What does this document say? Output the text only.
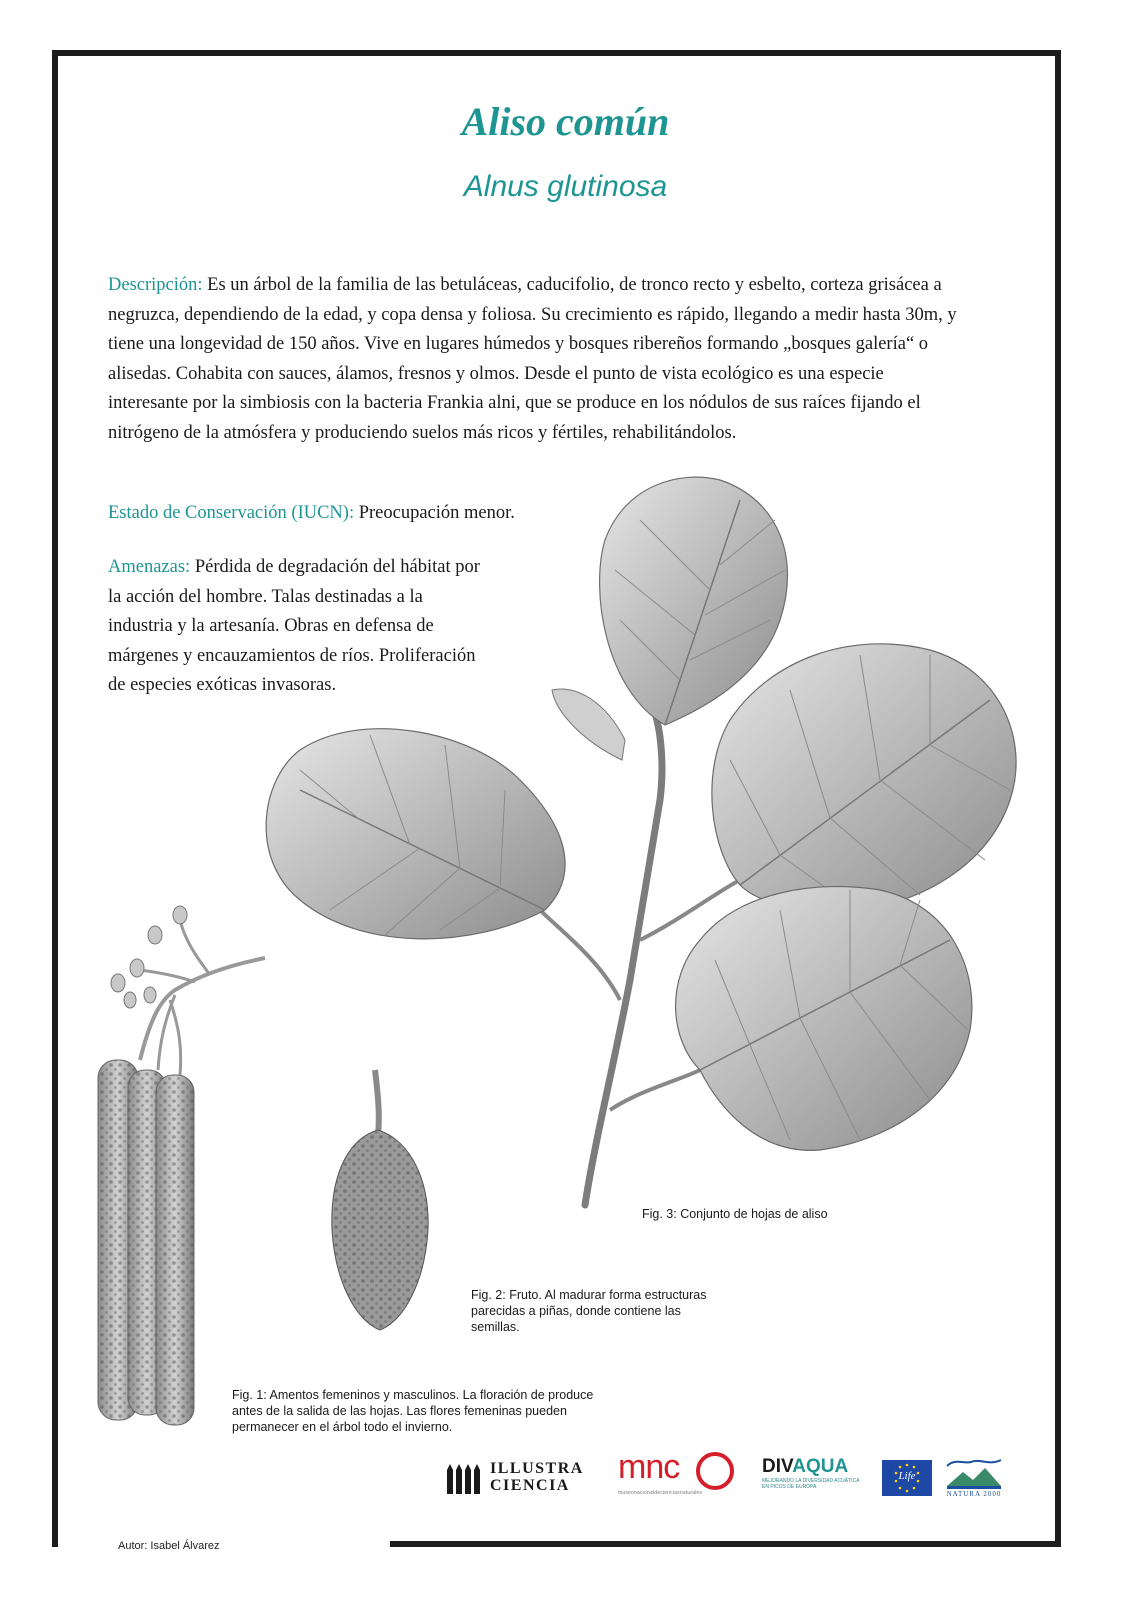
Aliso común
Alnus glutinosa

Descripción: Es un árbol de la familia de las betuláceas, caducifolio, de tronco recto y esbelto, corteza grisácea a negruzca, dependiendo de la edad, y copa densa y foliosa. Su crecimiento es rápido, llegando a medir hasta 30m, y tiene una longevidad de 150 años. Vive en lugares húmedos y bosques ribereños formando „bosques galería“ o alisedas. Cohabita con sauces, álamos, fresnos y olmos. Desde el punto de vista ecológico es una especie interesante por la simbiosis con la bacteria Frankia alni, que se produce en los nódulos de sus raíces fijando el nitrógeno de la atmósfera y produciendo suelos más ricos y fértiles, rehabilitándolos.

Estado de Conservación (IUCN): Preocupación menor.

Amenazas: Pérdida de degradación del hábitat por la acción del hombre. Talas destinadas a la industria y la artesanía. Obras en defensa de márgenes y encauzamientos de ríos. Proliferación de especies exóticas invasoras.

Fig. 3: Conjunto de hojas de aliso
Fig. 2: Fruto. Al madurar forma estructuras parecidas a piñas, donde contiene las semillas.
Fig. 1: Amentos femeninos y masculinos. La floración de produce antes de la salida de las hojas. Las flores femeninas pueden permanecer en el árbol todo el invierno.
Autor: Isabel Álvarez
ILLUSTRA
CIENCIA	mnc
museonacionaldecienciasnaturales
DIVAQUA
MEJORANDO LA DIVERSIDAD ACUÁTICA EN PICOS DE EUROPA
Life
NATURA 2000
